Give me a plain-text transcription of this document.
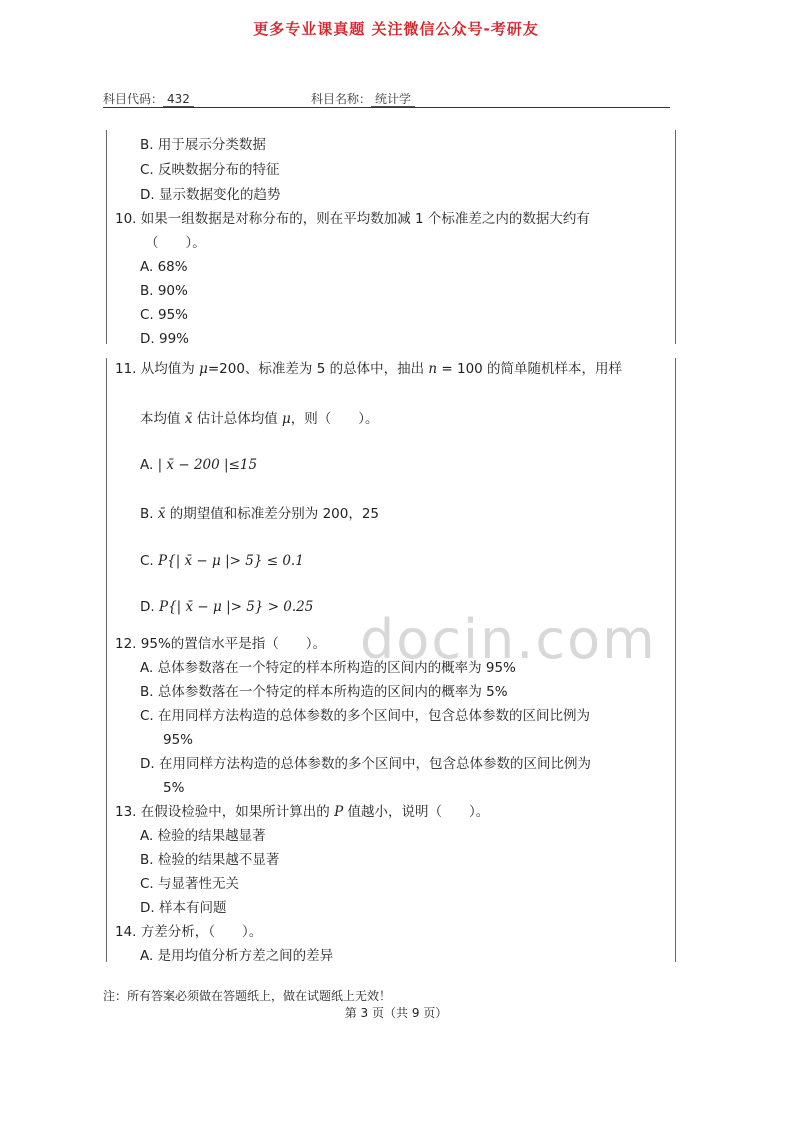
更多专业课真题 关注微信公众号-考研友
科目代码： 432	科目名称： 统计学
docin.com
B. 用于展示分类数据
C. 反映数据分布的特征
D. 显示数据变化的趋势
10. 如果一组数据是对称分布的，则在平均数加减 1 个标准差之内的数据大约有
（　　）。
A. 68%
B. 90%
C. 95%
D. 99%
11. 从均值为 μ=200、标准差为 5 的总体中，抽出 n = 100 的简单随机样本，用样
本均值 x̄ 估计总体均值 μ，则（　　）。
A. | x̄ − 200 |≤15
B. x̄ 的期望值和标准差分别为 200，25
C. P{| x̄ − μ |> 5} ≤ 0.1
D. P{| x̄ − μ |> 5} > 0.25
12. 95%的置信水平是指（　　）。
A. 总体参数落在一个特定的样本所构造的区间内的概率为 95%
B. 总体参数落在一个特定的样本所构造的区间内的概率为 5%
C. 在用同样方法构造的总体参数的多个区间中，包含总体参数的区间比例为
95%
D. 在用同样方法构造的总体参数的多个区间中，包含总体参数的区间比例为
5%
13. 在假设检验中，如果所计算出的 P 值越小，说明（　　）。
A. 检验的结果越显著
B. 检验的结果越不显著
C. 与显著性无关
D. 样本有问题
14. 方差分析，（　　）。
A. 是用均值分析方差之间的差异
注：所有答案必须做在答题纸上，做在试题纸上无效！
第 3 页（共 9 页）
